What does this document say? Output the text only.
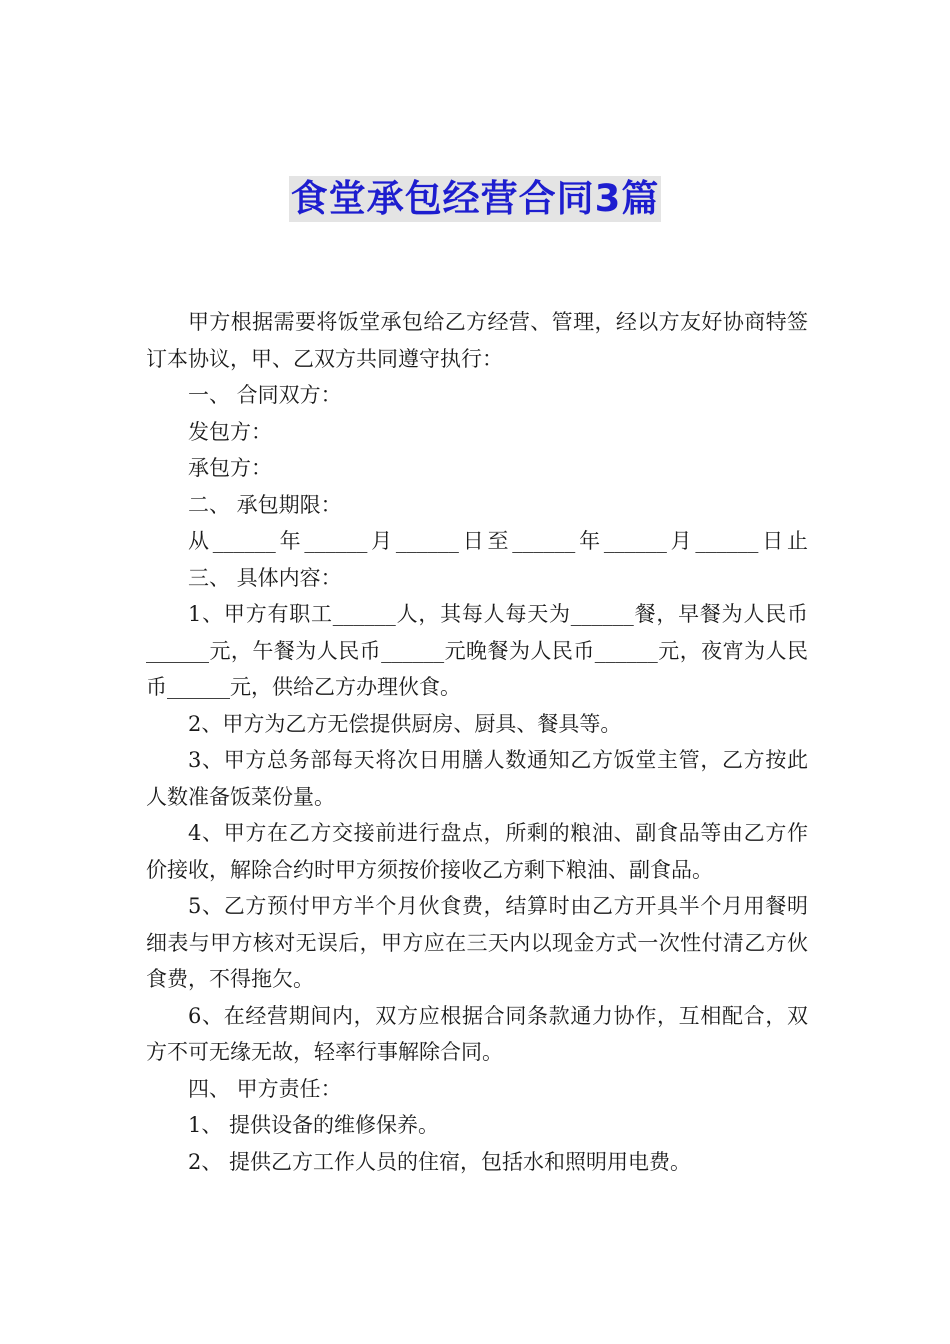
食堂承包经营合同3篇

甲方根据需要将饭堂承包给乙方经营、管理，经以方友好协商特签订本协议，甲、乙双方共同遵守执行：

一、 合同双方：

发包方：

承包方：

二、 承包期限：

从______年______月______日至______年______月______日止

三、 具体内容：

1、甲方有职工______人，其每人每天为______餐，早餐为人民币______元，午餐为人民币______元晚餐为人民币______元，夜宵为人民币______元，供给乙方办理伙食。

2、甲方为乙方无偿提供厨房、厨具、餐具等。

3、甲方总务部每天将次日用膳人数通知乙方饭堂主管，乙方按此人数准备饭菜份量。

4、甲方在乙方交接前进行盘点，所剩的粮油、副食品等由乙方作价接收，解除合约时甲方须按价接收乙方剩下粮油、副食品。

5、乙方预付甲方半个月伙食费，结算时由乙方开具半个月用餐明细表与甲方核对无误后，甲方应在三天内以现金方式一次性付清乙方伙食费，不得拖欠。

6、在经营期间内，双方应根据合同条款通力协作，互相配合，双方不可无缘无故，轻率行事解除合同。

四、 甲方责任：

1、 提供设备的维修保养。

2、 提供乙方工作人员的住宿，包括水和照明用电费。
